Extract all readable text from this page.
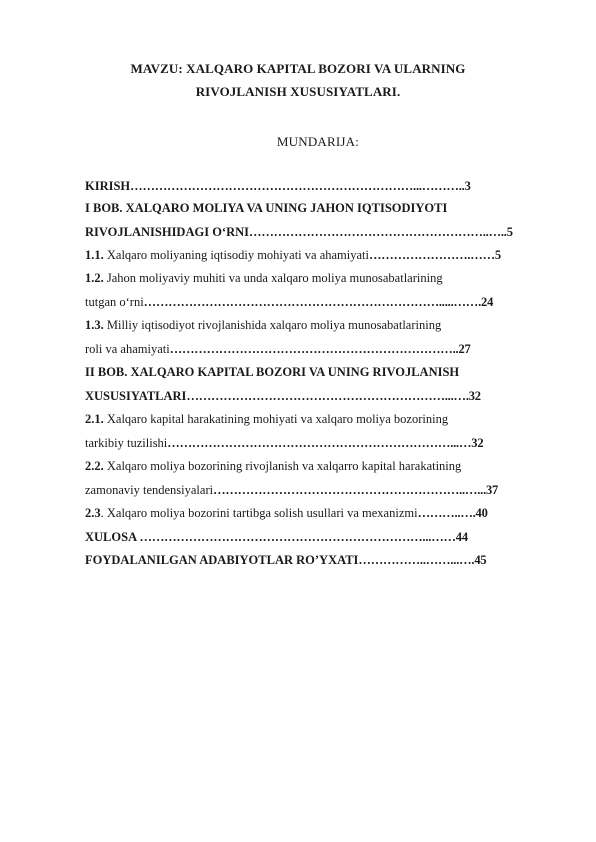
MAVZU: XALQARO KAPITAL BOZORI VA ULARNING
RIVOJLANISH XUSUSIYATLARI.
MUNDARIJA:
KIRISH……………………………………………………………...………..3
I BOB. XALQARO MOLIYA VA UNING JAHON IQTISODIYOTI
RIVOJLANISHIDAGI O‘RNI…………………………………………………..…..5
1.1. Xalqaro moliyaning iqtisodiy mohiyati va ahamiyati…………………….……5
1.2. Jahon moliyaviy muhiti va unda xalqaro moliya munosabatlarining
tutgan o‘rni……………………………………………………………….....…….24
1.3. Milliy iqtisodiyot rivojlanishida xalqaro moliya munosabatlarining
roli va ahamiyati……………………………………………………………..27
II BOB. XALQARO KAPITAL BOZORI VA UNING RIVOJLANISH
XUSUSIYATLARI………………………………………………………...….32
2.1. Xalqaro kapital harakatining mohiyati va xalqaro moliya bozorining
tarkibiy tuzilishi……………………………………………………………...…32
2.2. Xalqaro moliya bozorining rivojlanish va xalqarro kapital harakatining
zamonaviy tendensiyalari……………………………………………………..…...37
2.3. Xalqaro moliya bozorini tartibga solish usullari va mexanizmi………..….40
XULOSA ……………………………………………………………...……44
FOYDALANILGAN ADABIYOTLAR RO’YXATI……………..……...….45
